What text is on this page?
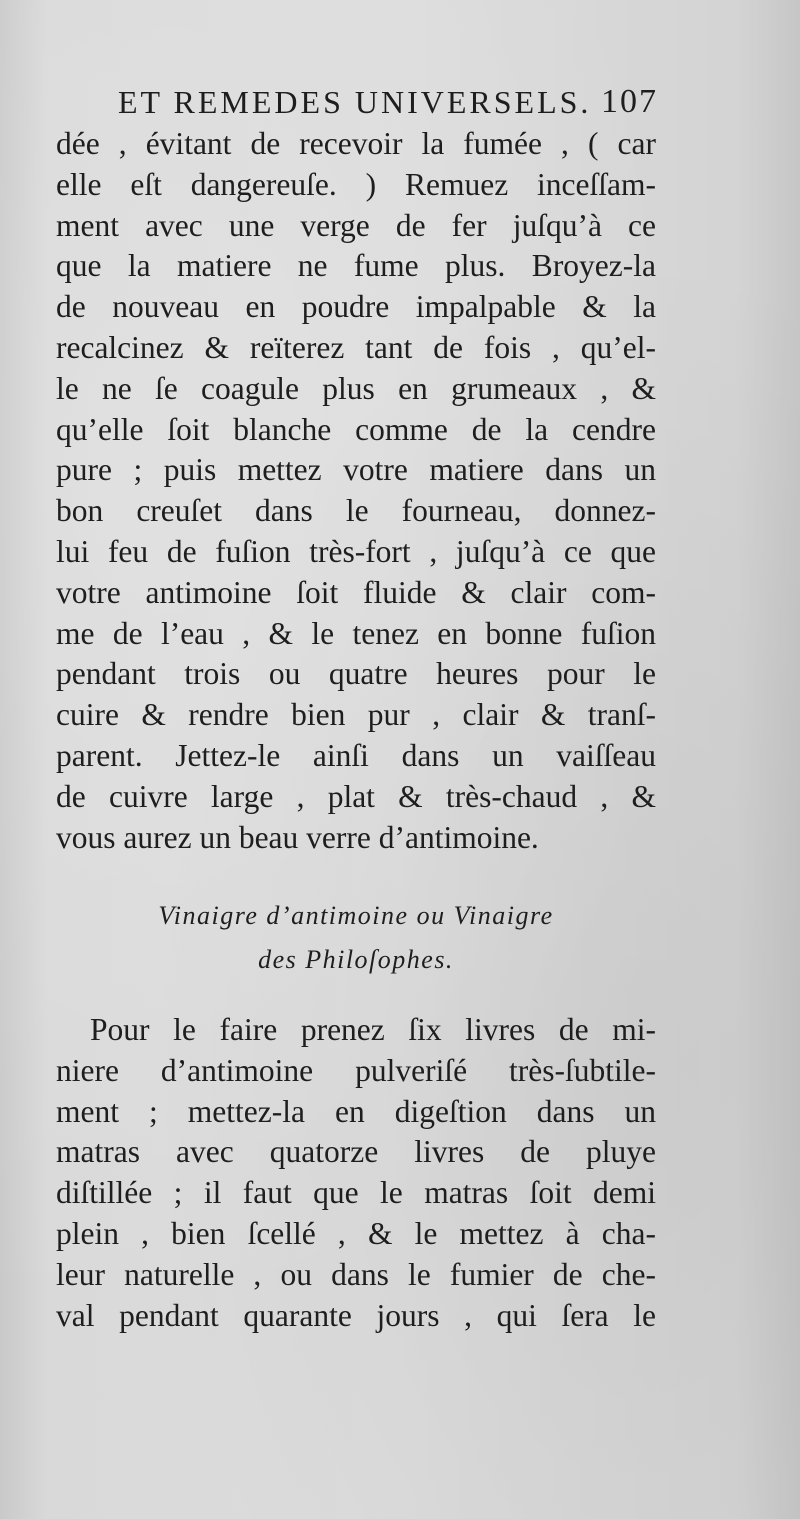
ET REMEDES UNIVERSELS. 107
dée , évitant de recevoir la fumée , ( car
elle eſt dangereuſe. ) Remuez inceſſam-
ment avec une verge de fer juſqu’à ce
que la matiere ne fume plus. Broyez-la
de nouveau en poudre impalpable & la
recalcinez & reïterez tant de fois , qu’el-
le ne ſe coagule plus en grumeaux , &
qu’elle ſoit blanche comme de la cendre
pure ; puis mettez votre matiere dans un
bon creuſet dans le fourneau, donnez-
lui feu de fuſion très-fort , juſqu’à ce que
votre antimoine ſoit fluide & clair com-
me de l’eau , & le tenez en bonne fuſion
pendant trois ou quatre heures pour le
cuire & rendre bien pur , clair & tranſ-
parent. Jettez-le ainſi dans un vaiſſeau
de cuivre large , plat & très-chaud , &
vous aurez un beau verre d’antimoine.
Vinaigre d’antimoine ou Vinaigre
des Philoſophes.
Pour le faire prenez ſix livres de mi-
niere d’antimoine pulveriſé très-ſubtile-
ment ; mettez-la en digeſtion dans un
matras avec quatorze livres de pluye
diſtillée ; il faut que le matras ſoit demi
plein , bien ſcellé , & le mettez à cha-
leur naturelle , ou dans le fumier de che-
val pendant quarante jours , qui ſera le
